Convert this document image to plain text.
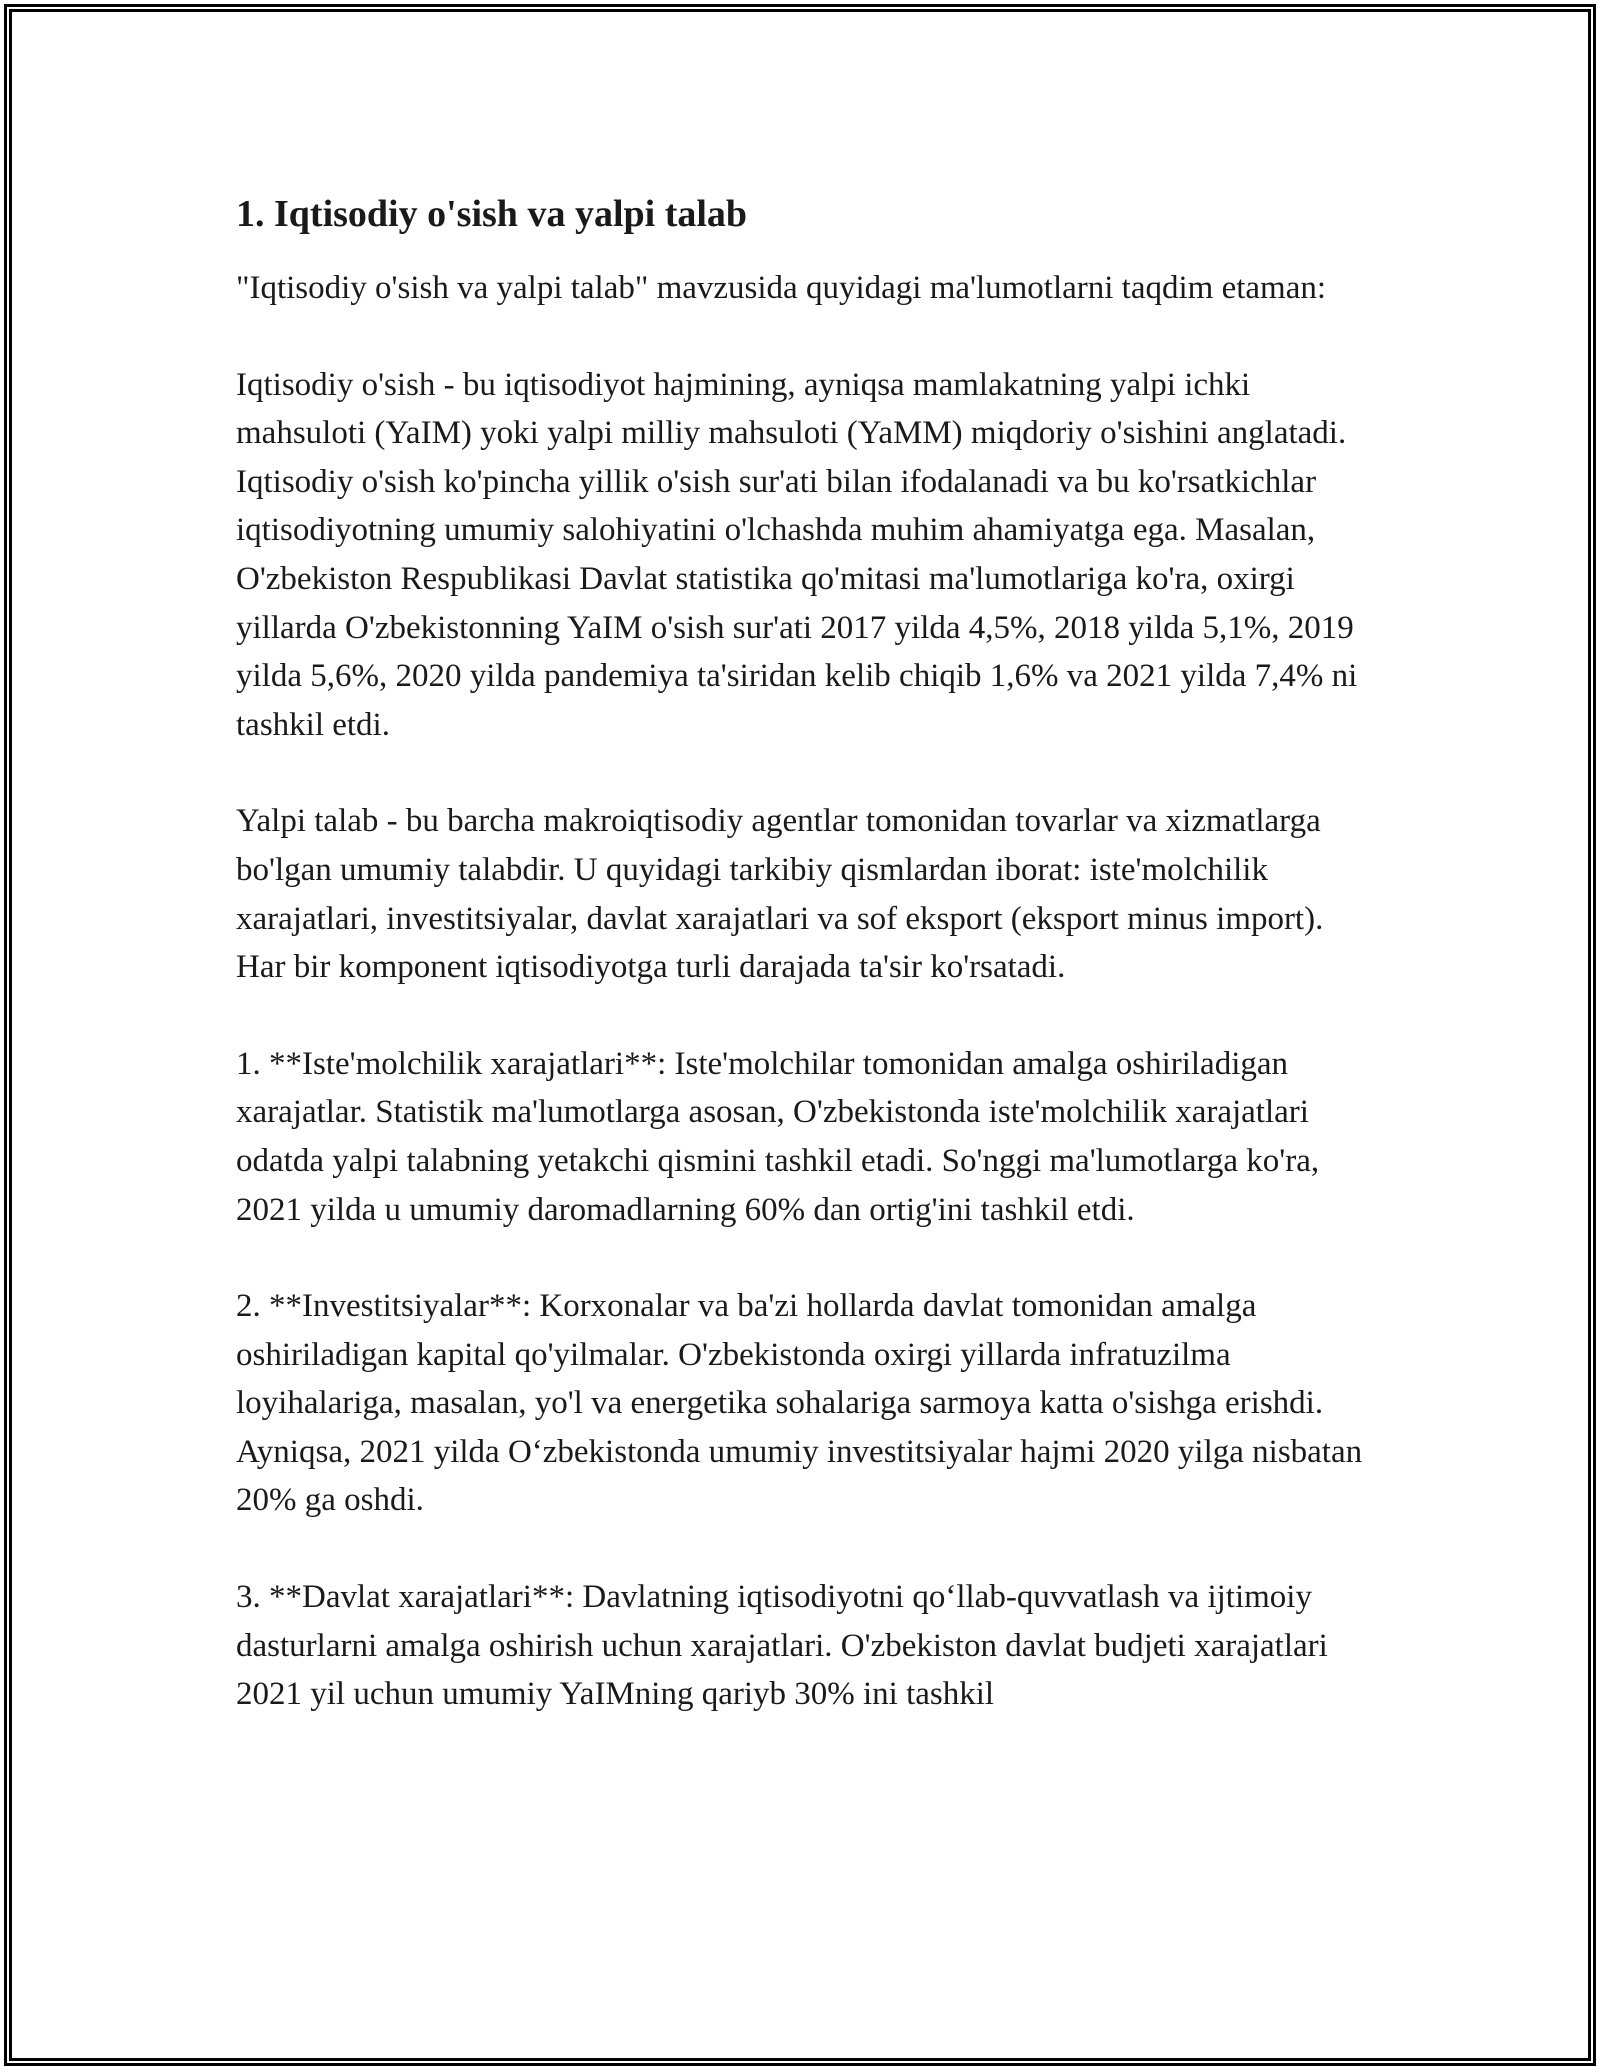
1. Iqtisodiy o'sish va yalpi talab

"Iqtisodiy o'sish va yalpi talab" mavzusida quyidagi ma'lumotlarni taqdim etaman:

Iqtisodiy o'sish - bu iqtisodiyot hajmining, ayniqsa mamlakatning yalpi ichki mahsuloti (YaIM) yoki yalpi milliy mahsuloti (YaMM) miqdoriy o'sishini anglatadi. Iqtisodiy o'sish ko'pincha yillik o'sish sur'ati bilan ifodalanadi va bu ko'rsatkichlar iqtisodiyotning umumiy salohiyatini o'lchashda muhim ahamiyatga ega. Masalan, O'zbekiston Respublikasi Davlat statistika qo'mitasi ma'lumotlariga ko'ra, oxirgi yillarda O'zbekistonning YaIM o'sish sur'ati 2017 yilda 4,5%, 2018 yilda 5,1%, 2019 yilda 5,6%, 2020 yilda pandemiya ta'siridan kelib chiqib 1,6% va 2021 yilda 7,4% ni tashkil etdi.

Yalpi talab - bu barcha makroiqtisodiy agentlar tomonidan tovarlar va xizmatlarga bo'lgan umumiy talabdir. U quyidagi tarkibiy qismlardan iborat: iste'molchilik xarajatlari, investitsiyalar, davlat xarajatlari va sof eksport (eksport minus import). Har bir komponent iqtisodiyotga turli darajada ta'sir ko'rsatadi.

1. **Iste'molchilik xarajatlari**: Iste'molchilar tomonidan amalga oshiriladigan xarajatlar. Statistik ma'lumotlarga asosan, O'zbekistonda iste'molchilik xarajatlari odatda yalpi talabning yetakchi qismini tashkil etadi. So'nggi ma'lumotlarga ko'ra, 2021 yilda u umumiy daromadlarning 60% dan ortig'ini tashkil etdi.

2. **Investitsiyalar**: Korxonalar va ba'zi hollarda davlat tomonidan amalga oshiriladigan kapital qo'yilmalar. O'zbekistonda oxirgi yillarda infratuzilma loyihalariga, masalan, yo'l va energetika sohalariga sarmoya katta o'sishga erishdi. Ayniqsa, 2021 yilda O‘zbekistonda umumiy investitsiyalar hajmi 2020 yilga nisbatan 20% ga oshdi.

3. **Davlat xarajatlari**: Davlatning iqtisodiyotni qo‘llab-quvvatlash va ijtimoiy dasturlarni amalga oshirish uchun xarajatlari. O'zbekiston davlat budjeti xarajatlari 2021 yil uchun umumiy YaIMning qariyb 30% ini tashkil
